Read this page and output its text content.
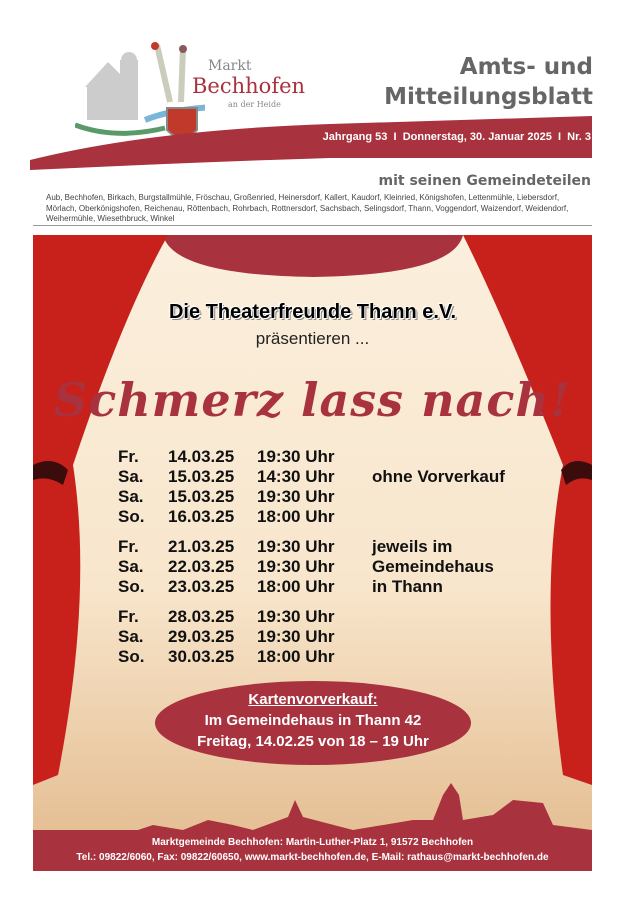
Markt
Bechhofen
an der Heide
Amts- und
Mitteilungsblatt
Jahrgang 53  I  Donnerstag, 30. Januar 2025  I  Nr. 3
mit seinen Gemeindeteilen
Aub, Bechhofen, Birkach, Burgstallmühle, Fröschau, Großenried, Heinersdorf, Kallert, Kaudorf, Kleinried, Königshofen, Lettenmühle, Liebersdorf, Mörlach, Oberkönigshofen, Reichenau, Röttenbach, Rohrbach, Rottnersdorf, Sachsbach, Selingsdorf, Thann, Voggendorf, Waizendorf, Weidendorf, Weihermühle, Wiesethbruck, Winkel
Die Theaterfreunde Thann e.V.
präsentieren ...
Schmerz lass nach!
Fr. 14.03.25 19:30 Uhr
Sa. 15.03.25 14:30 Uhr
Sa. 15.03.25 19:30 Uhr
So. 16.03.25 18:00 Uhr
Fr. 21.03.25 19:30 Uhr
Sa. 22.03.25 19:30 Uhr
So. 23.03.25 18:00 Uhr
Fr. 28.03.25 19:30 Uhr
Sa. 29.03.25 19:30 Uhr
So. 30.03.25 18:00 Uhr
ohne Vorverkauf
jeweils im
Gemeindehaus
in Thann
Kartenvorverkauf:
Im Gemeindehaus in Thann 42
Freitag, 14.02.25 von 18 – 19 Uhr
Marktgemeinde Bechhofen: Martin-Luther-Platz 1, 91572 Bechhofen
Tel.: 09822/6060, Fax: 09822/60650, www.markt-bechhofen.de, E-Mail: rathaus@markt-bechhofen.de
